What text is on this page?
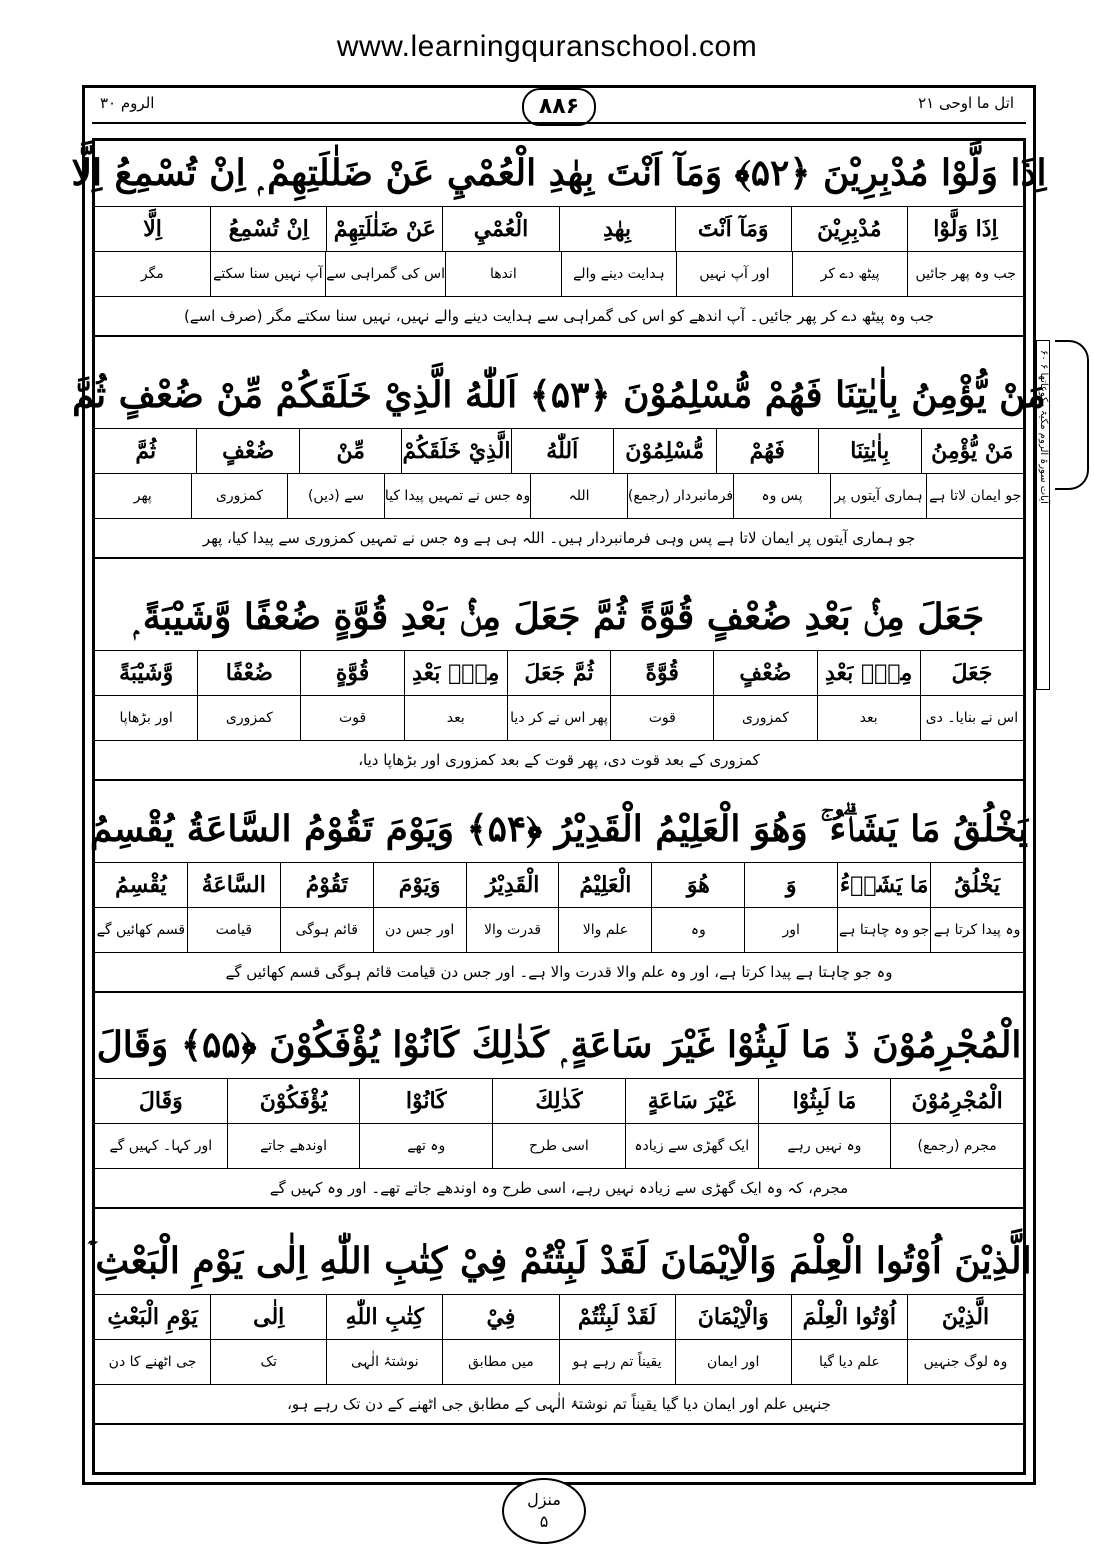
www.learningquranschool.com
اتل ما اوحی ۲۱
۸۸۶
الروم ۳۰
۶۰ آیات سورۃ الروم مکیۃ رکوعاتھا ۶
اِذَا وَلَّوْا مُدْبِرِيْنَ ﴿۵۲﴾ وَمَآ اَنْتَ بِهٰدِ الْعُمْيِ عَنْ ضَلٰلَتِهِمْ ۭ اِنْ تُسْمِعُ اِلَّا
اِذَا وَلَّوْا
مُدْبِرِيْنَ
وَمَآ اَنْتَ
بِهٰدِ
الْعُمْيِ
عَنْ ضَلٰلَتِهِمْ
اِنْ تُسْمِعُ
اِلَّا
جب وہ پھر جائیں
پیٹھ دے کر
اور آپ نہیں
ہدایت دینے والے
اندھا
اس کی گمراہی سے
آپ نہیں سنا سکتے
مگر
جب وہ پیٹھ دے کر پھر جائیں۔ آپ اندھے کو اس کی گمراہی سے ہدایت دینے والے نہیں، نہیں سنا سکتے مگر (صرف اسے)
مَنْ يُّؤْمِنُ بِاٰيٰتِنَا فَهُمْ مُّسْلِمُوْنَ ﴿۵۳﴾ اَللّٰهُ الَّذِيْ خَلَقَكُمْ مِّنْ ضُعْفٍ ثُمَّ
مَنْ يُّؤْمِنُ
بِاٰيٰتِنَا
فَهُمْ
مُّسْلِمُوْنَ
اَللّٰهُ
الَّذِيْ خَلَقَكُمْ
مِّنْ
ضُعْفٍ
ثُمَّ
جو ایمان لاتا ہے
ہماری آیتوں پر
پس وہ
فرمانبردار (رجمع)
اللہ
وہ جس نے تمہیں پیدا کیا
سے (دیں)
کمزوری
پھر
جو ہماری آیتوں پر ایمان لاتا ہے پس وہی فرمانبردار ہیں۔ اللہ ہی ہے وہ جس نے تمہیں کمزوری سے پیدا کیا، پھر
جَعَلَ مِنْۢ بَعْدِ ضُعْفٍ قُوَّةً ثُمَّ جَعَلَ مِنْۢ بَعْدِ قُوَّةٍ ضُعْفًا وَّشَيْبَةً ۭ
جَعَلَ
مِنْۢ بَعْدِ
ضُعْفٍ
قُوَّةً
ثُمَّ جَعَلَ
مِنْۢ بَعْدِ
قُوَّةٍ
ضُعْفًا
وَّشَيْبَةً
اس نے بنایا۔ دی
بعد
کمزوری
قوت
پھر اس نے کر دیا
بعد
قوت
کمزوری
اور بڑھاپا
کمزوری کے بعد قوت دی، پھر قوت کے بعد کمزوری اور بڑھاپا دیا،
يَخْلُقُ مَا يَشَاۗءُ ۚ وَهُوَ الْعَلِيْمُ الْقَدِيْرُ ﴿۵۴﴾ وَيَوْمَ تَقُوْمُ السَّاعَةُ يُقْسِمُ
يَخْلُقُ
مَا يَشَاۗءُ
وَ
هُوَ
الْعَلِيْمُ
الْقَدِيْرُ
وَيَوْمَ
تَقُوْمُ
السَّاعَةُ
يُقْسِمُ
وہ پیدا کرتا ہے
جو وہ چاہتا ہے
اور
وہ
علم والا
قدرت والا
اور جس دن
قائم ہوگی
قیامت
قسم کھائیں گے
وہ جو چاہتا ہے پیدا کرتا ہے، اور وہ علم والا قدرت والا ہے۔ اور جس دن قیامت قائم ہوگی قسم کھائیں گے
الْمُجْرِمُوْنَ ڏ مَا لَبِثُوْا غَيْرَ سَاعَةٍ ۭ كَذٰلِكَ كَانُوْا يُؤْفَكُوْنَ ﴿۵۵﴾ وَقَالَ
الْمُجْرِمُوْنَ
مَا لَبِثُوْا
غَيْرَ سَاعَةٍ
كَذٰلِكَ
كَانُوْا
يُؤْفَكُوْنَ
وَقَالَ
مجرم (رجمع)
وہ نہیں رہے
ایک گھڑی سے زیادہ
اسی طرح
وہ تھے
اوندھے جاتے
اور کہا۔ کہیں گے
مجرم، کہ وہ ایک گھڑی سے زیادہ نہیں رہے، اسی طرح وہ اوندھے جاتے تھے۔ اور وہ کہیں گے
الَّذِيْنَ اُوْتُوا الْعِلْمَ وَالْاِيْمَانَ لَقَدْ لَبِثْتُمْ فِيْ كِتٰبِ اللّٰهِ اِلٰى يَوْمِ الْبَعْثِ ۡ
الَّذِيْنَ
اُوْتُوا الْعِلْمَ
وَالْاِيْمَانَ
لَقَدْ لَبِثْتُمْ
فِيْ
كِتٰبِ اللّٰهِ
اِلٰى
يَوْمِ الْبَعْثِ
وہ لوگ جنہیں
علم دیا گیا
اور ایمان
یقیناً تم رہے ہو
میں مطابق
نوشتۂ الٰہی
تک
جی اٹھنے کا دن
جنہیں علم اور ایمان دیا گیا یقیناً تم نوشتۂ الٰہی کے مطابق جی اٹھنے کے دن تک رہے ہو،
منزل
۵
